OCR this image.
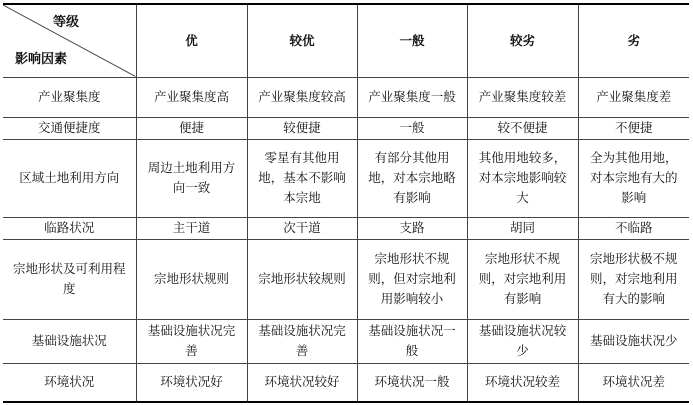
等级
影响因素	优	较优	一般	较劣	劣
产业聚集度	产业聚集度高	产业聚集度较高	产业聚集度一般	产业聚集度较差	产业聚集度差
交通便捷度	便捷	较便捷	一般	较不便捷	不便捷
区域土地利用方向	周边土地利用方向一致	零星有其他用地，基本不影响本宗地	有部分其他用地，对本宗地略有影响	其他用地较多，对本宗地影响较大	全为其他用地，对本宗地有大的影响
临路状况	主干道	次干道	支路	胡同	不临路
宗地形状及可利用程度	宗地形状规则	宗地形状较规则	宗地形状不规则，但对宗地利用影响较小	宗地形状不规则，对宗地利用有影响	宗地形状极不规则，对宗地利用有大的影响
基础设施状况	基础设施状况完善	基础设施状况完善	基础设施状况一般	基础设施状况较少	基础设施状况少
环境状况	环境状况好	环境状况较好	环境状况一般	环境状况较差	环境状况差
